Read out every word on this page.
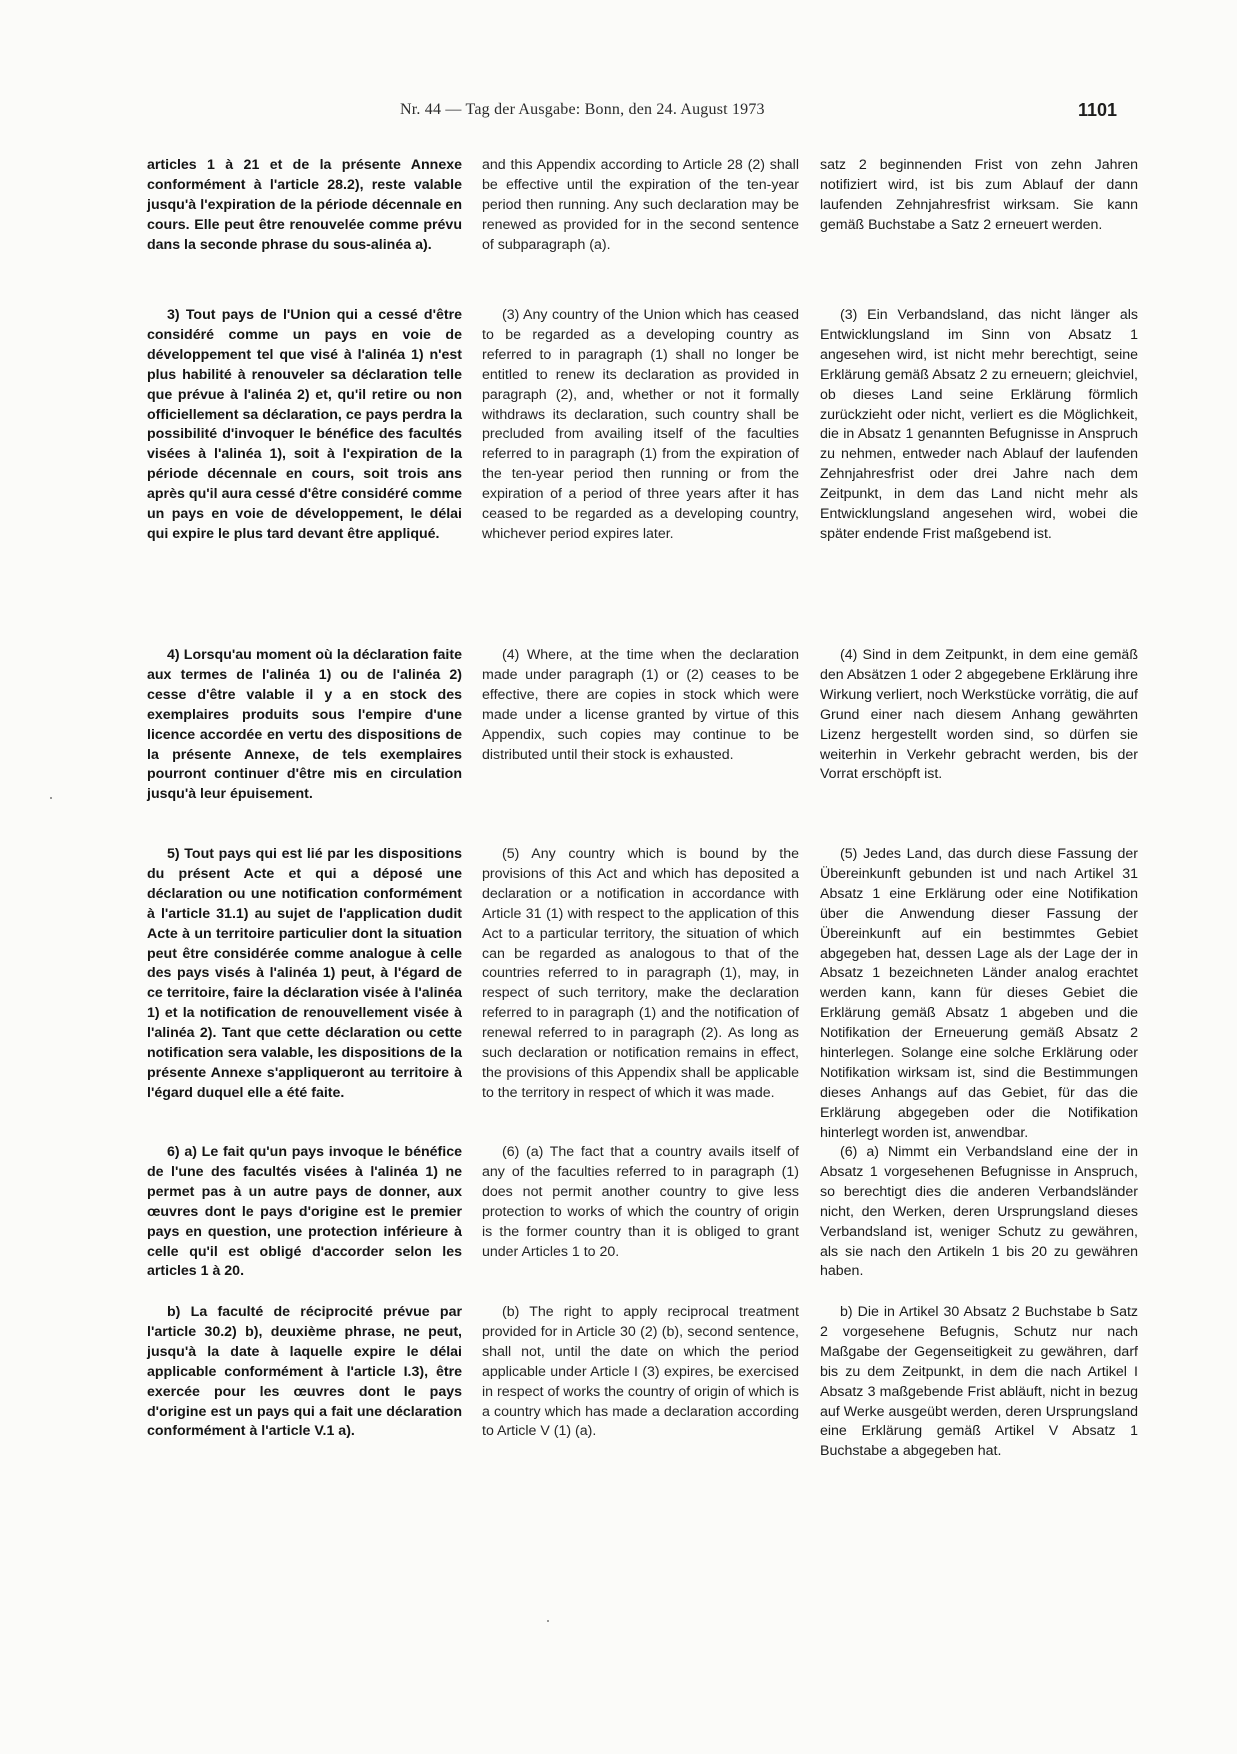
Nr. 44 — Tag der Ausgabe: Bonn, den 24. August 1973	1101

articles 1 à 21 et de la présente Annexe conformément à l'article 28.2), reste valable jusqu'à l'expiration de la période décennale en cours. Elle peut être renouvelée comme prévu dans la seconde phrase du sous-alinéa a).

3) Tout pays de l'Union qui a cessé d'être considéré comme un pays en voie de développement tel que visé à l'alinéa 1) n'est plus habilité à renouveler sa déclaration telle que prévue à l'alinéa 2) et, qu'il retire ou non officiellement sa déclaration, ce pays perdra la possibilité d'invoquer le bénéfice des facultés visées à l'alinéa 1), soit à l'expiration de la période décennale en cours, soit trois ans après qu'il aura cessé d'être considéré comme un pays en voie de développement, le délai qui expire le plus tard devant être appliqué.

4) Lorsqu'au moment où la déclaration faite aux termes de l'alinéa 1) ou de l'alinéa 2) cesse d'être valable il y a en stock des exemplaires produits sous l'empire d'une licence accordée en vertu des dispositions de la présente Annexe, de tels exemplaires pourront continuer d'être mis en circulation jusqu'à leur épuisement.

5) Tout pays qui est lié par les dispositions du présent Acte et qui a déposé une déclaration ou une notification conformément à l'article 31.1) au sujet de l'application dudit Acte à un territoire particulier dont la situation peut être considérée comme analogue à celle des pays visés à l'alinéa 1) peut, à l'égard de ce territoire, faire la déclaration visée à l'alinéa 1) et la notification de renouvellement visée à l'alinéa 2). Tant que cette déclaration ou cette notification sera valable, les dispositions de la présente Annexe s'appliqueront au territoire à l'égard duquel elle a été faite.

6) a) Le fait qu'un pays invoque le bénéfice de l'une des facultés visées à l'alinéa 1) ne permet pas à un autre pays de donner, aux œuvres dont le pays d'origine est le premier pays en question, une protection inférieure à celle qu'il est obligé d'accorder selon les articles 1 à 20.

b) La faculté de réciprocité prévue par l'article 30.2) b), deuxième phrase, ne peut, jusqu'à la date à laquelle expire le délai applicable conformément à l'article I.3), être exercée pour les œuvres dont le pays d'origine est un pays qui a fait une déclaration conformément à l'article V.1 a).

and this Appendix according to Article 28 (2) shall be effective until the expiration of the ten-year period then running. Any such declaration may be renewed as provided for in the second sentence of subparagraph (a).

(3) Any country of the Union which has ceased to be regarded as a developing country as referred to in paragraph (1) shall no longer be entitled to renew its declaration as provided in paragraph (2), and, whether or not it formally withdraws its declaration, such country shall be precluded from availing itself of the faculties referred to in paragraph (1) from the expiration of the ten-year period then running or from the expiration of a period of three years after it has ceased to be regarded as a developing country, whichever period expires later.

(4) Where, at the time when the declaration made under paragraph (1) or (2) ceases to be effective, there are copies in stock which were made under a license granted by virtue of this Appendix, such copies may continue to be distributed until their stock is exhausted.

(5) Any country which is bound by the provisions of this Act and which has deposited a declaration or a notification in accordance with Article 31 (1) with respect to the application of this Act to a particular territory, the situation of which can be regarded as analogous to that of the countries referred to in paragraph (1), may, in respect of such territory, make the declaration referred to in paragraph (1) and the notification of renewal referred to in paragraph (2). As long as such declaration or notification remains in effect, the provisions of this Appendix shall be applicable to the territory in respect of which it was made.

(6) (a) The fact that a country avails itself of any of the faculties referred to in paragraph (1) does not permit another country to give less protection to works of which the country of origin is the former country than it is obliged to grant under Articles 1 to 20.

(b) The right to apply reciprocal treatment provided for in Article 30 (2) (b), second sentence, shall not, until the date on which the period applicable under Article I (3) expires, be exercised in respect of works the country of origin of which is a country which has made a declaration according to Article V (1) (a).

satz 2 beginnenden Frist von zehn Jahren notifiziert wird, ist bis zum Ablauf der dann laufenden Zehnjahresfrist wirksam. Sie kann gemäß Buchstabe a Satz 2 erneuert werden.

(3) Ein Verbandsland, das nicht länger als Entwicklungsland im Sinn von Absatz 1 angesehen wird, ist nicht mehr berechtigt, seine Erklärung gemäß Absatz 2 zu erneuern; gleichviel, ob dieses Land seine Erklärung förmlich zurückzieht oder nicht, verliert es die Möglichkeit, die in Absatz 1 genannten Befugnisse in Anspruch zu nehmen, entweder nach Ablauf der laufenden Zehnjahresfrist oder drei Jahre nach dem Zeitpunkt, in dem das Land nicht mehr als Entwicklungsland angesehen wird, wobei die später endende Frist maßgebend ist.

(4) Sind in dem Zeitpunkt, in dem eine gemäß den Absätzen 1 oder 2 abgegebene Erklärung ihre Wirkung verliert, noch Werkstücke vorrätig, die auf Grund einer nach diesem Anhang gewährten Lizenz hergestellt worden sind, so dürfen sie weiterhin in Verkehr gebracht werden, bis der Vorrat erschöpft ist.

(5) Jedes Land, das durch diese Fassung der Übereinkunft gebunden ist und nach Artikel 31 Absatz 1 eine Erklärung oder eine Notifikation über die Anwendung dieser Fassung der Übereinkunft auf ein bestimmtes Gebiet abgegeben hat, dessen Lage als der Lage der in Absatz 1 bezeichneten Länder analog erachtet werden kann, kann für dieses Gebiet die Erklärung gemäß Absatz 1 abgeben und die Notifikation der Erneuerung gemäß Absatz 2 hinterlegen. Solange eine solche Erklärung oder Notifikation wirksam ist, sind die Bestimmungen dieses Anhangs auf das Gebiet, für das die Erklärung abgegeben oder die Notifikation hinterlegt worden ist, anwendbar.

(6) a) Nimmt ein Verbandsland eine der in Absatz 1 vorgesehenen Befugnisse in Anspruch, so berechtigt dies die anderen Verbandsländer nicht, den Werken, deren Ursprungsland dieses Verbandsland ist, weniger Schutz zu gewähren, als sie nach den Artikeln 1 bis 20 zu gewähren haben.

b) Die in Artikel 30 Absatz 2 Buchstabe b Satz 2 vorgesehene Befugnis, Schutz nur nach Maßgabe der Gegenseitigkeit zu gewähren, darf bis zu dem Zeitpunkt, in dem die nach Artikel I Absatz 3 maßgebende Frist abläuft, nicht in bezug auf Werke ausgeübt werden, deren Ursprungsland eine Erklärung gemäß Artikel V Absatz 1 Buchstabe a abgegeben hat.
